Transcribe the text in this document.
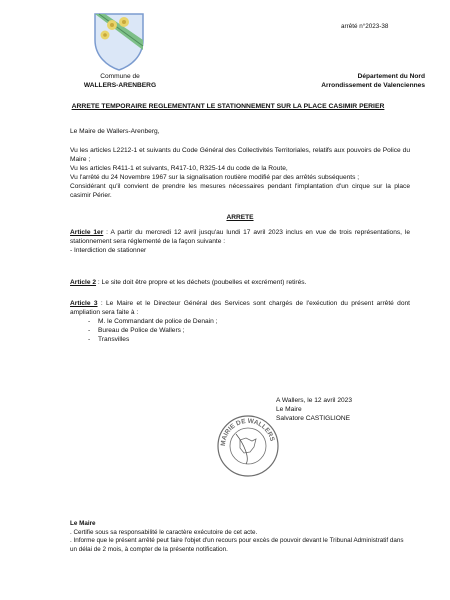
arrêté n°2023-38
Commune de
WALLERS-ARENBERG
Département du Nord
Arrondissement de Valenciennes
ARRETE TEMPORAIRE REGLEMENTANT LE STATIONNEMENT SUR LA PLACE CASIMIR PERIER
Le Maire de Wallers-Arenberg,
Vu les articles L2212-1 et suivants du Code Général des Collectivités Territoriales, relatifs aux pouvoirs de Police du Maire ;
Vu les articles R411-1 et suivants, R417-10, R325-14 du code de la Route,
Vu l'arrêté du 24 Novembre 1967 sur la signalisation routière modifié par des arrêtés subséquents ;
Considérant qu'il convient de prendre les mesures nécessaires pendant l'implantation d'un cirque sur la place casimir Périer.
ARRETE
Article 1er : A partir du mercredi 12 avril jusqu'au lundi 17 avril 2023 inclus en vue de trois représentations, le stationnement sera réglementé de la façon suivante :
- Interdiction de stationner
Article 2 : Le site doit être propre et les déchets (poubelles et excrément) retirés.
Article 3 : Le Maire et le Directeur Général des Services sont chargés de l'exécution du présent arrêté dont ampliation sera faite à :
- M. le Commandant de police de Denain ;
- Bureau de Police de Wallers ;
- Transvilles
A Wallers, le 12 avril 2023
Le Maire
Salvatore CASTIGLIONE
MAIRIE DE WALLERS
Le Maire
. Certifie sous sa responsabilité le caractère exécutoire de cet acte.
. Informe que le présent arrêté peut faire l'objet d'un recours pour excès de pouvoir devant le Tribunal Administratif dans un délai de 2 mois, à compter de la présente notification.
